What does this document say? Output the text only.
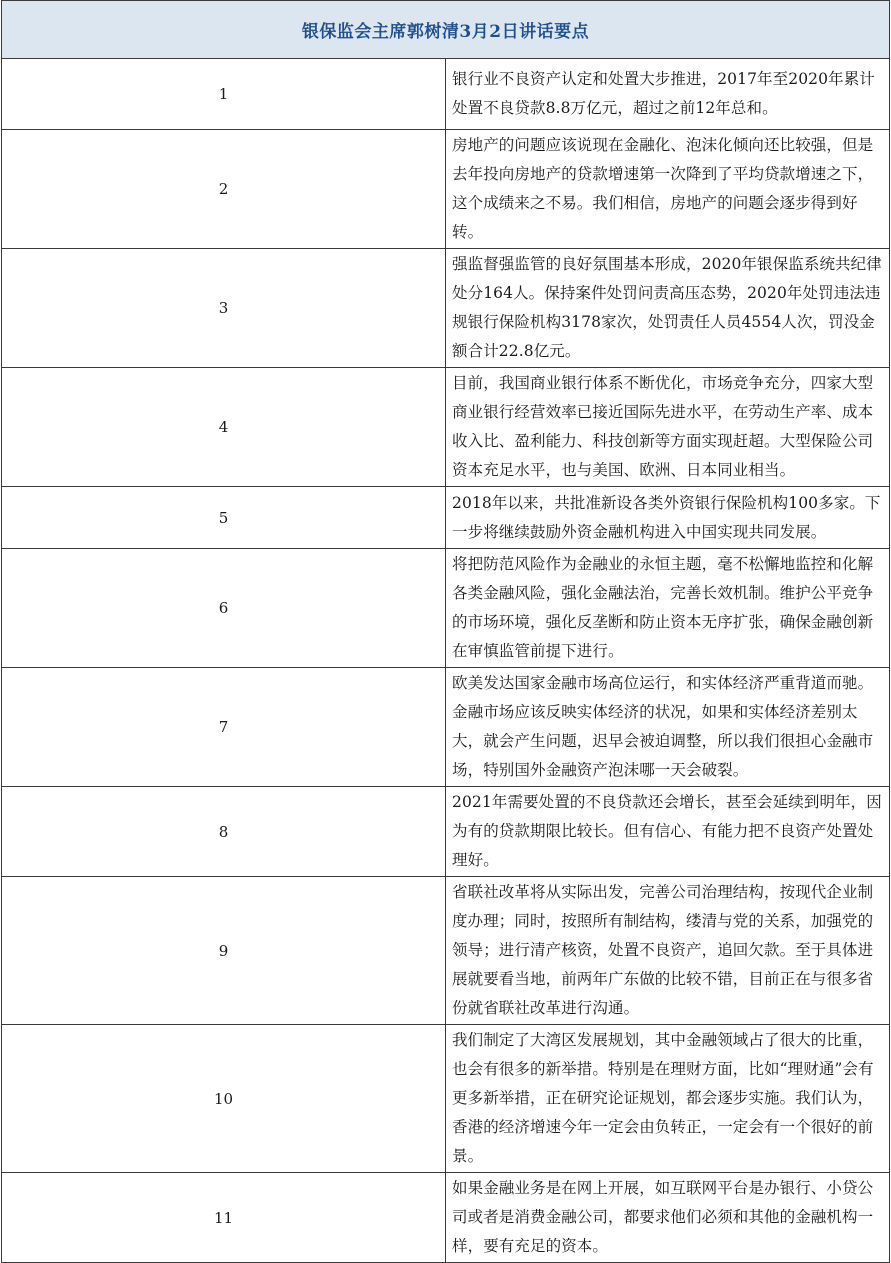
银保监会主席郭树清3月2日讲话要点	
1	银行业不良资产认定和处置大步推进，2017年至2020年累计处置不良贷款8.8万亿元，超过之前12年总和。
2	房地产的问题应该说现在金融化、泡沫化倾向还比较强，但是去年投向房地产的贷款增速第一次降到了平均贷款增速之下，这个成绩来之不易。我们相信，房地产的问题会逐步得到好转。
3	强监督强监管的良好氛围基本形成，2020年银保监系统共纪律处分164人。保持案件处罚问责高压态势，2020年处罚违法违规银行保险机构3178家次，处罚责任人员4554人次，罚没金额合计22.8亿元。
4	目前，我国商业银行体系不断优化，市场竞争充分，四家大型商业银行经营效率已接近国际先进水平，在劳动生产率、成本收入比、盈利能力、科技创新等方面实现赶超。大型保险公司资本充足水平，也与美国、欧洲、日本同业相当。
5	2018年以来，共批准新设各类外资银行保险机构100多家。下一步将继续鼓励外资金融机构进入中国实现共同发展。
6	将把防范风险作为金融业的永恒主题，毫不松懈地监控和化解各类金融风险，强化金融法治，完善长效机制。维护公平竞争的市场环境，强化反垄断和防止资本无序扩张，确保金融创新在审慎监管前提下进行。
7	欧美发达国家金融市场高位运行，和实体经济严重背道而驰。金融市场应该反映实体经济的状况，如果和实体经济差别太大，就会产生问题，迟早会被迫调整，所以我们很担心金融市场，特别国外金融资产泡沫哪一天会破裂。
8	2021年需要处置的不良贷款还会增长，甚至会延续到明年，因为有的贷款期限比较长。但有信心、有能力把不良资产处置处理好。
9	省联社改革将从实际出发，完善公司治理结构，按现代企业制度办理；同时，按照所有制结构，缕清与党的关系，加强党的领导；进行清产核资，处置不良资产，追回欠款。至于具体进展就要看当地，前两年广东做的比较不错，目前正在与很多省份就省联社改革进行沟通。
10	我们制定了大湾区发展规划，其中金融领域占了很大的比重，也会有很多的新举措。特别是在理财方面，比如“理财通”会有更多新举措，正在研究论证规划，都会逐步实施。我们认为，香港的经济增速今年一定会由负转正，一定会有一个很好的前景。
11	如果金融业务是在网上开展，如互联网平台是办银行、小贷公司或者是消费金融公司，都要求他们必须和其他的金融机构一样，要有充足的资本。
